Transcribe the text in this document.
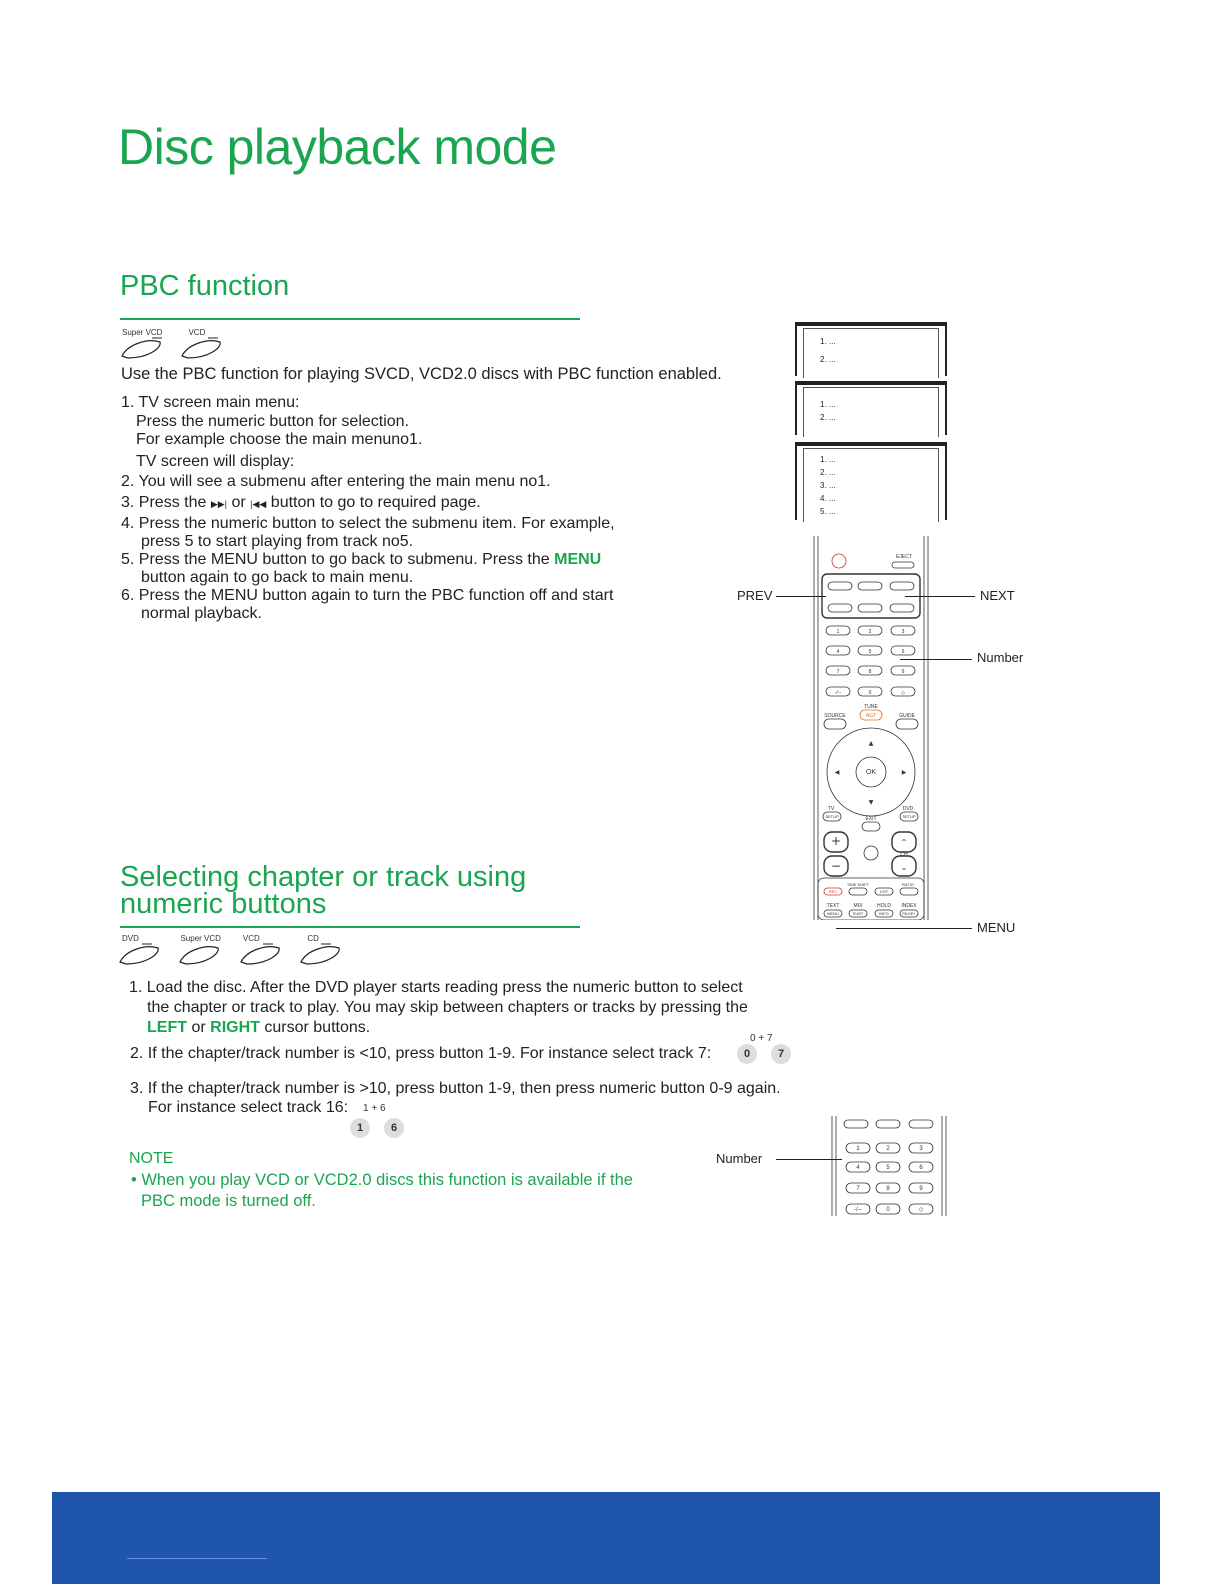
Disc playback mode
PBC function
Super VCD
	VCD
Use the PBC function for playing SVCD, VCD2.0 discs with PBC function enabled.
1. TV screen main menu:
Press the numeric button for selection.
For example choose the main menuno1.
TV screen will display:
2. You will see a submenu after entering the main menu no1.
3. Press the ▶▶| or |◀◀ button to go to required page.
4. Press the numeric button to select the submenu item. For example,
press 5 to start playing from track no5.
5. Press the MENU button to go back to submenu. Press the MENU
button again to go back to main menu.
6. Press the MENU button again to turn the PBC function off and start
normal playback.
1. ...
2. ...
1. ...
2. ...
1. ...
2. ...
3. ...
4. ...
5. ...
EJECT
1	2	3
4	5	6
7	8	9
-/--	0	◇
TUNE
SOURCE	AGT	GUIDE
OK
TV
SETUP
DVD
SETUP
EXIT
CH
TIME SHIFT	RATIO
REC	LIST
TEXT	MIX	HOLD INDEX
MENU	SUBT	INFO	PAGE+
▲
▼
◀	▶
+
−
⌃
⌄
PREV	NEXT
Number
MENU
Selecting chapter or track using
numeric buttons
DVD
	Super VCD
	VCD
	CD
1. Load the disc. After the DVD player starts reading press the numeric button to select
the chapter or track to play. You may skip between chapters or tracks by pressing the
LEFT or RIGHT cursor buttons.
0 + 7
2. If the chapter/track number is <10, press button 1-9. For instance select track 7:	0	7
3. If the chapter/track number is >10, press button 1-9, then press numeric button 0-9 again.
For instance select track 16: 1 + 6
1	6
NOTE
• When you play VCD or VCD2.0 discs this function is available if the
PBC mode is turned off.
Number
1	2	3
4	5	6
7	8	9
-/--	0	◇
